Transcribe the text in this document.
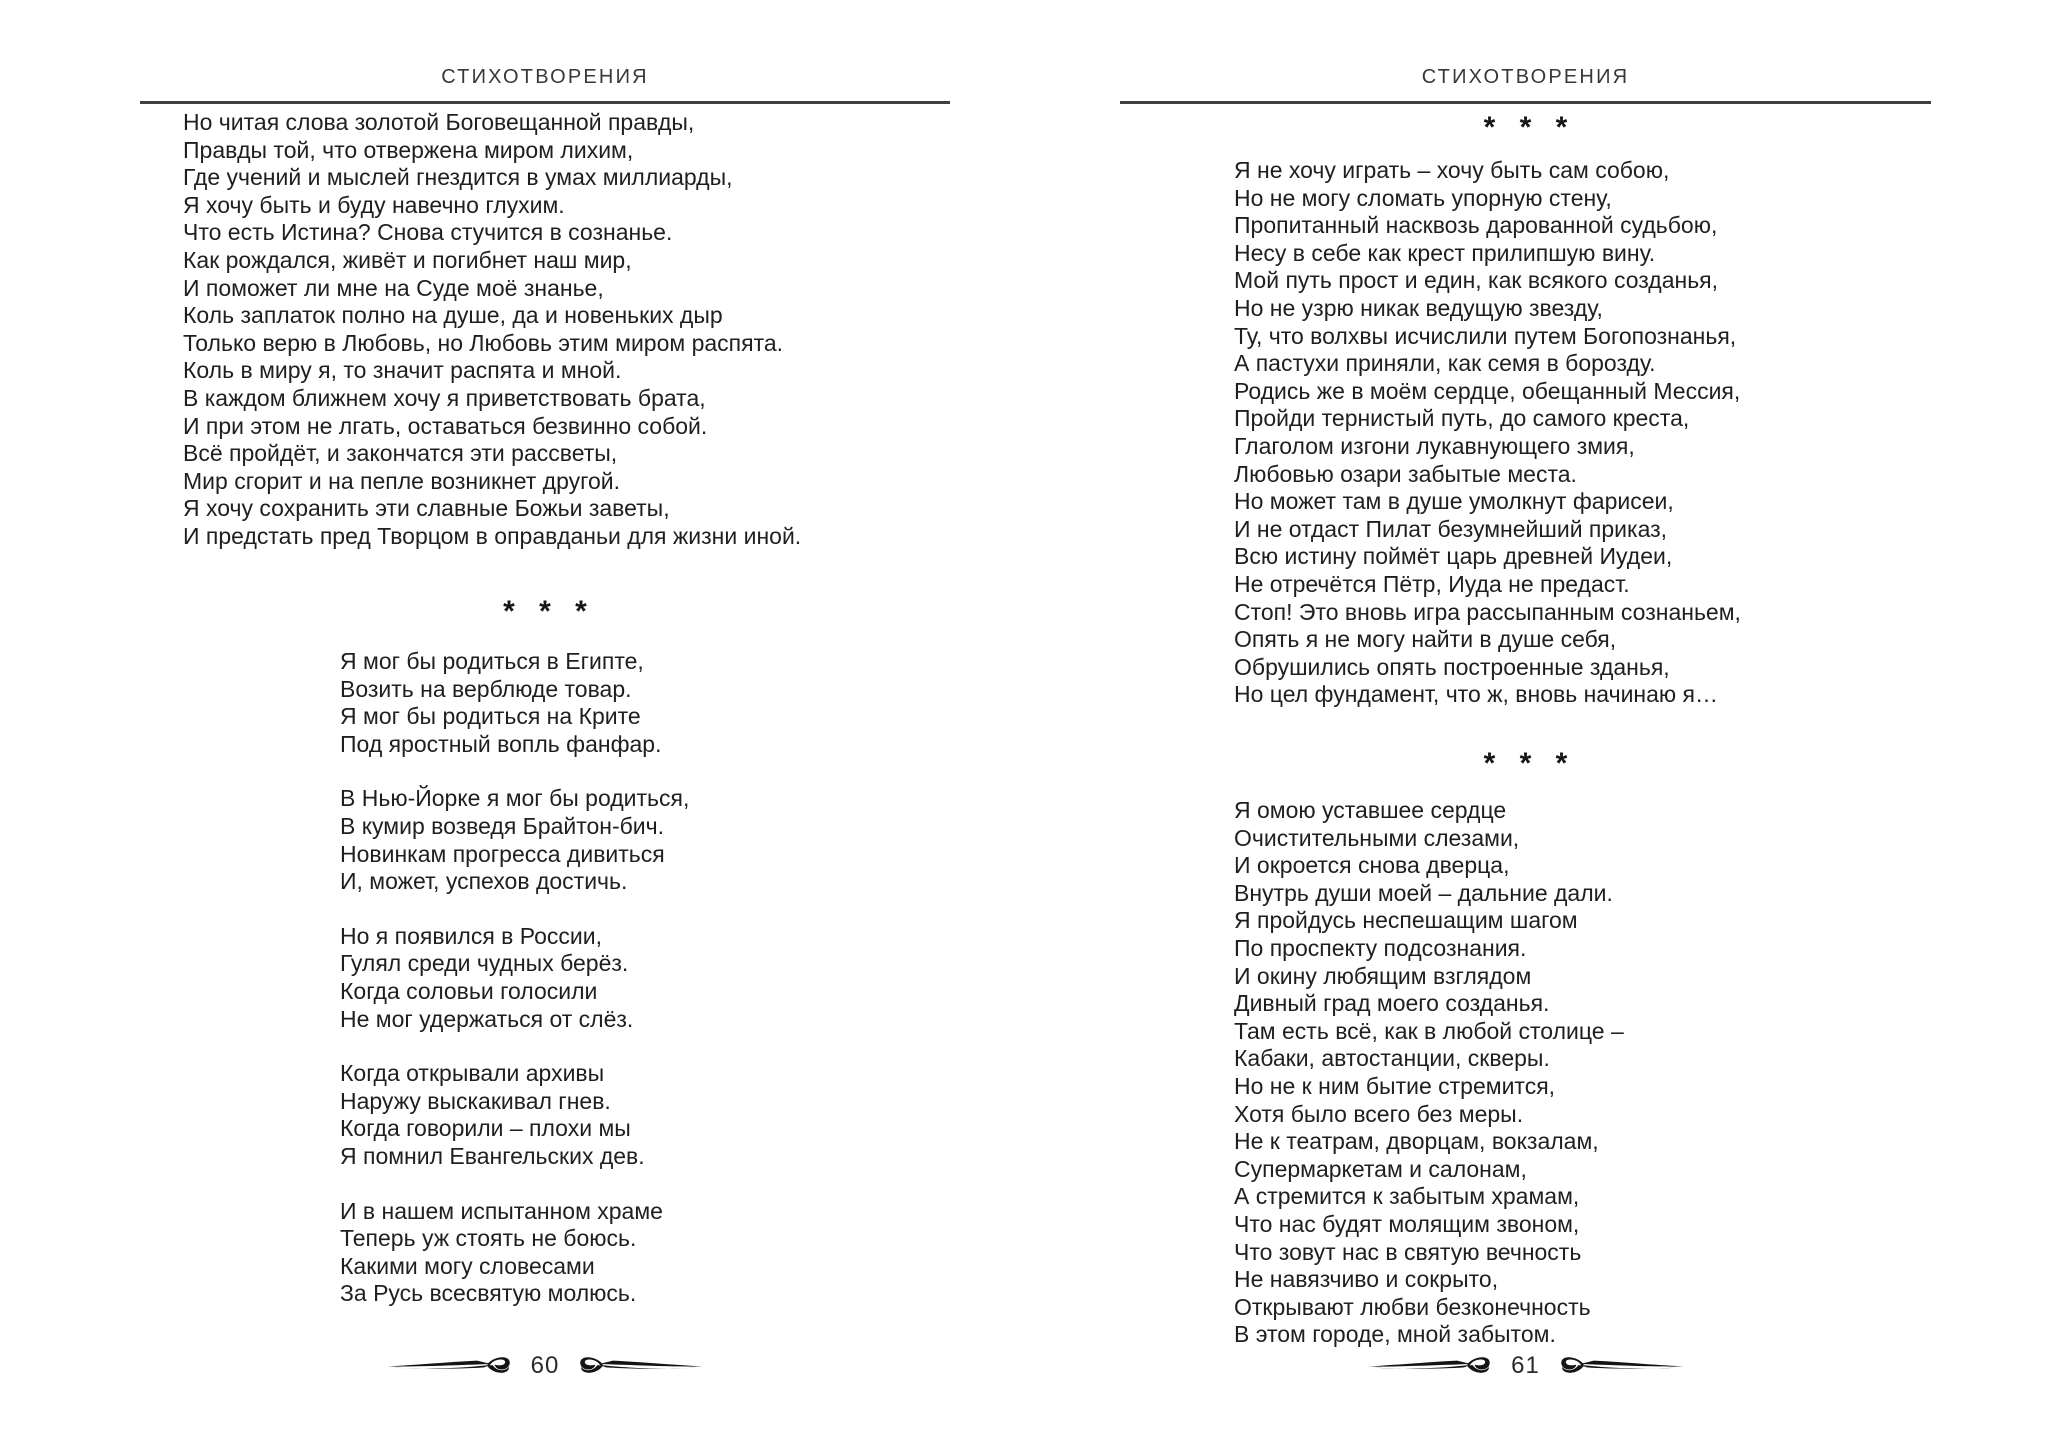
СТИХОТВОРЕНИЯ
Но читая слова золотой Боговещанной правды,
Правды той, что отвержена миром лихим,
Где учений и мыслей гнездится в умах миллиарды,
Я хочу быть и буду навечно глухим.
Что есть Истина? Снова стучится в сознанье.
Как рождался, живёт и погибнет наш мир,
И поможет ли мне на Суде моё знанье,
Коль заплаток полно на душе, да и новеньких дыр
Только верю в Любовь, но Любовь этим миром распята.
Коль в миру я, то значит распята и мной.
В каждом ближнем хочу я приветствовать брата,
И при этом не лгать, оставаться безвинно собой.
Всё пройдёт, и закончатся эти рассветы,
Мир сгорит и на пепле возникнет другой.
Я хочу сохранить эти славные Божьи заветы,
И предстать пред Творцом в оправданьи для жизни иной.
* * *
Я мог бы родиться в Египте,
Возить на верблюде товар.
Я мог бы родиться на Крите
Под яростный вопль фанфар.
В Нью-Йорке я мог бы родиться,
В кумир возведя Брайтон-бич.
Новинкам прогресса дивиться
И, может, успехов достичь.
Но я появился в России,
Гулял среди чудных берёз.
Когда соловьи голосили
Не мог удержаться от слёз.
Когда открывали архивы
Наружу выскакивал гнев.
Когда говорили – плохи мы
Я помнил Евангельских дев.
И в нашем испытанном храме
Теперь уж стоять не боюсь.
Какими могу словесами
За Русь всесвятую молюсь.
60
СТИХОТВОРЕНИЯ
* * *
Я не хочу играть – хочу быть сам собою,
Но не могу сломать упорную стену,
Пропитанный насквозь дарованной судьбою,
Несу в себе как крест прилипшую вину.
Мой путь прост и един, как всякого созданья,
Но не узрю никак ведущую звезду,
Ту, что волхвы исчислили путем Богопознанья,
А пастухи приняли, как семя в борозду.
Родись же в моём сердце, обещанный Мессия,
Пройди тернистый путь, до самого креста,
Глаголом изгони лукавнующего змия,
Любовью озари забытые места.
Но может там в душе умолкнут фарисеи,
И не отдаст Пилат безумнейший приказ,
Всю истину поймёт царь древней Иудеи,
Не отречётся Пётр, Иуда не предаст.
Стоп! Это вновь игра рассыпанным сознаньем,
Опять я не могу найти в душе себя,
Обрушились опять построенные зданья,
Но цел фундамент, что ж, вновь начинаю я…
* * *
Я омою уставшее сердце
Очистительными слезами,
И окроется снова дверца,
Внутрь души моей – дальние дали.
Я пройдусь неспешащим шагом
По проспекту подсознания.
И окину любящим взглядом
Дивный град моего созданья.
Там есть всё, как в любой столице –
Кабаки, автостанции, скверы.
Но не к ним бытие стремится,
Хотя было всего без меры.
Не к театрам, дворцам, вокзалам,
Супермаркетам и салонам,
А стремится к забытым храмам,
Что нас будят молящим звоном,
Что зовут нас в святую вечность
Не навязчиво и сокрыто,
Открывают любви безконечность
В этом городе, мной забытом.
61
